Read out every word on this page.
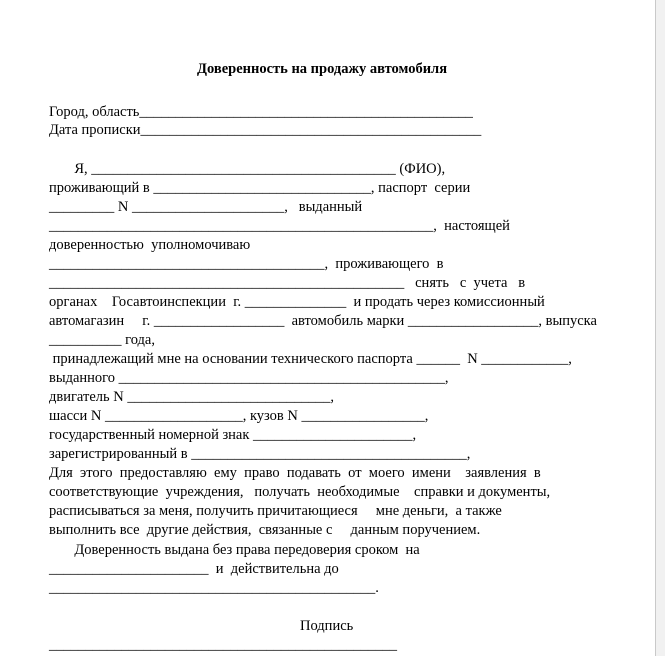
Доверенность на продажу автомобиля
Город, область______________________________________________
Дата прописки_______________________________________________
Я, __________________________________________ (ФИО),
проживающий в ______________________________, паспорт  серии
_________ N _____________________,   выданный
_____________________________________________________,  настоящей
доверенностью  уполномочиваю
______________________________________,  проживающего  в
_________________________________________________   снять   с  учета   в
органах    Госавтоинспекции  г. ______________  и продать через комиссионный
автомагазин     г. __________________  автомобиль марки __________________, выпуска
__________ года,
принадлежащий мне на основании технического паспорта ______  N ____________,
выданного _____________________________________________,
двигатель N ____________________________,
шасси N ___________________, кузов N _________________,
государственный номерной знак ______________________,
зарегистрированный в ______________________________________,
Для  этого  предоставляю  ему  право  подавать  от  моего  имени    заявления  в
соответствующие  учреждения,   получать  необходимые    справки и документы,
расписываться за меня, получить причитающиеся     мне деньги,  а также
выполнить все  другие действия,  связанные с     данным поручением.
Доверенность выдана без права передоверия сроком  на
______________________  и  действительна до
_____________________________________________.
Подпись
________________________________________________
